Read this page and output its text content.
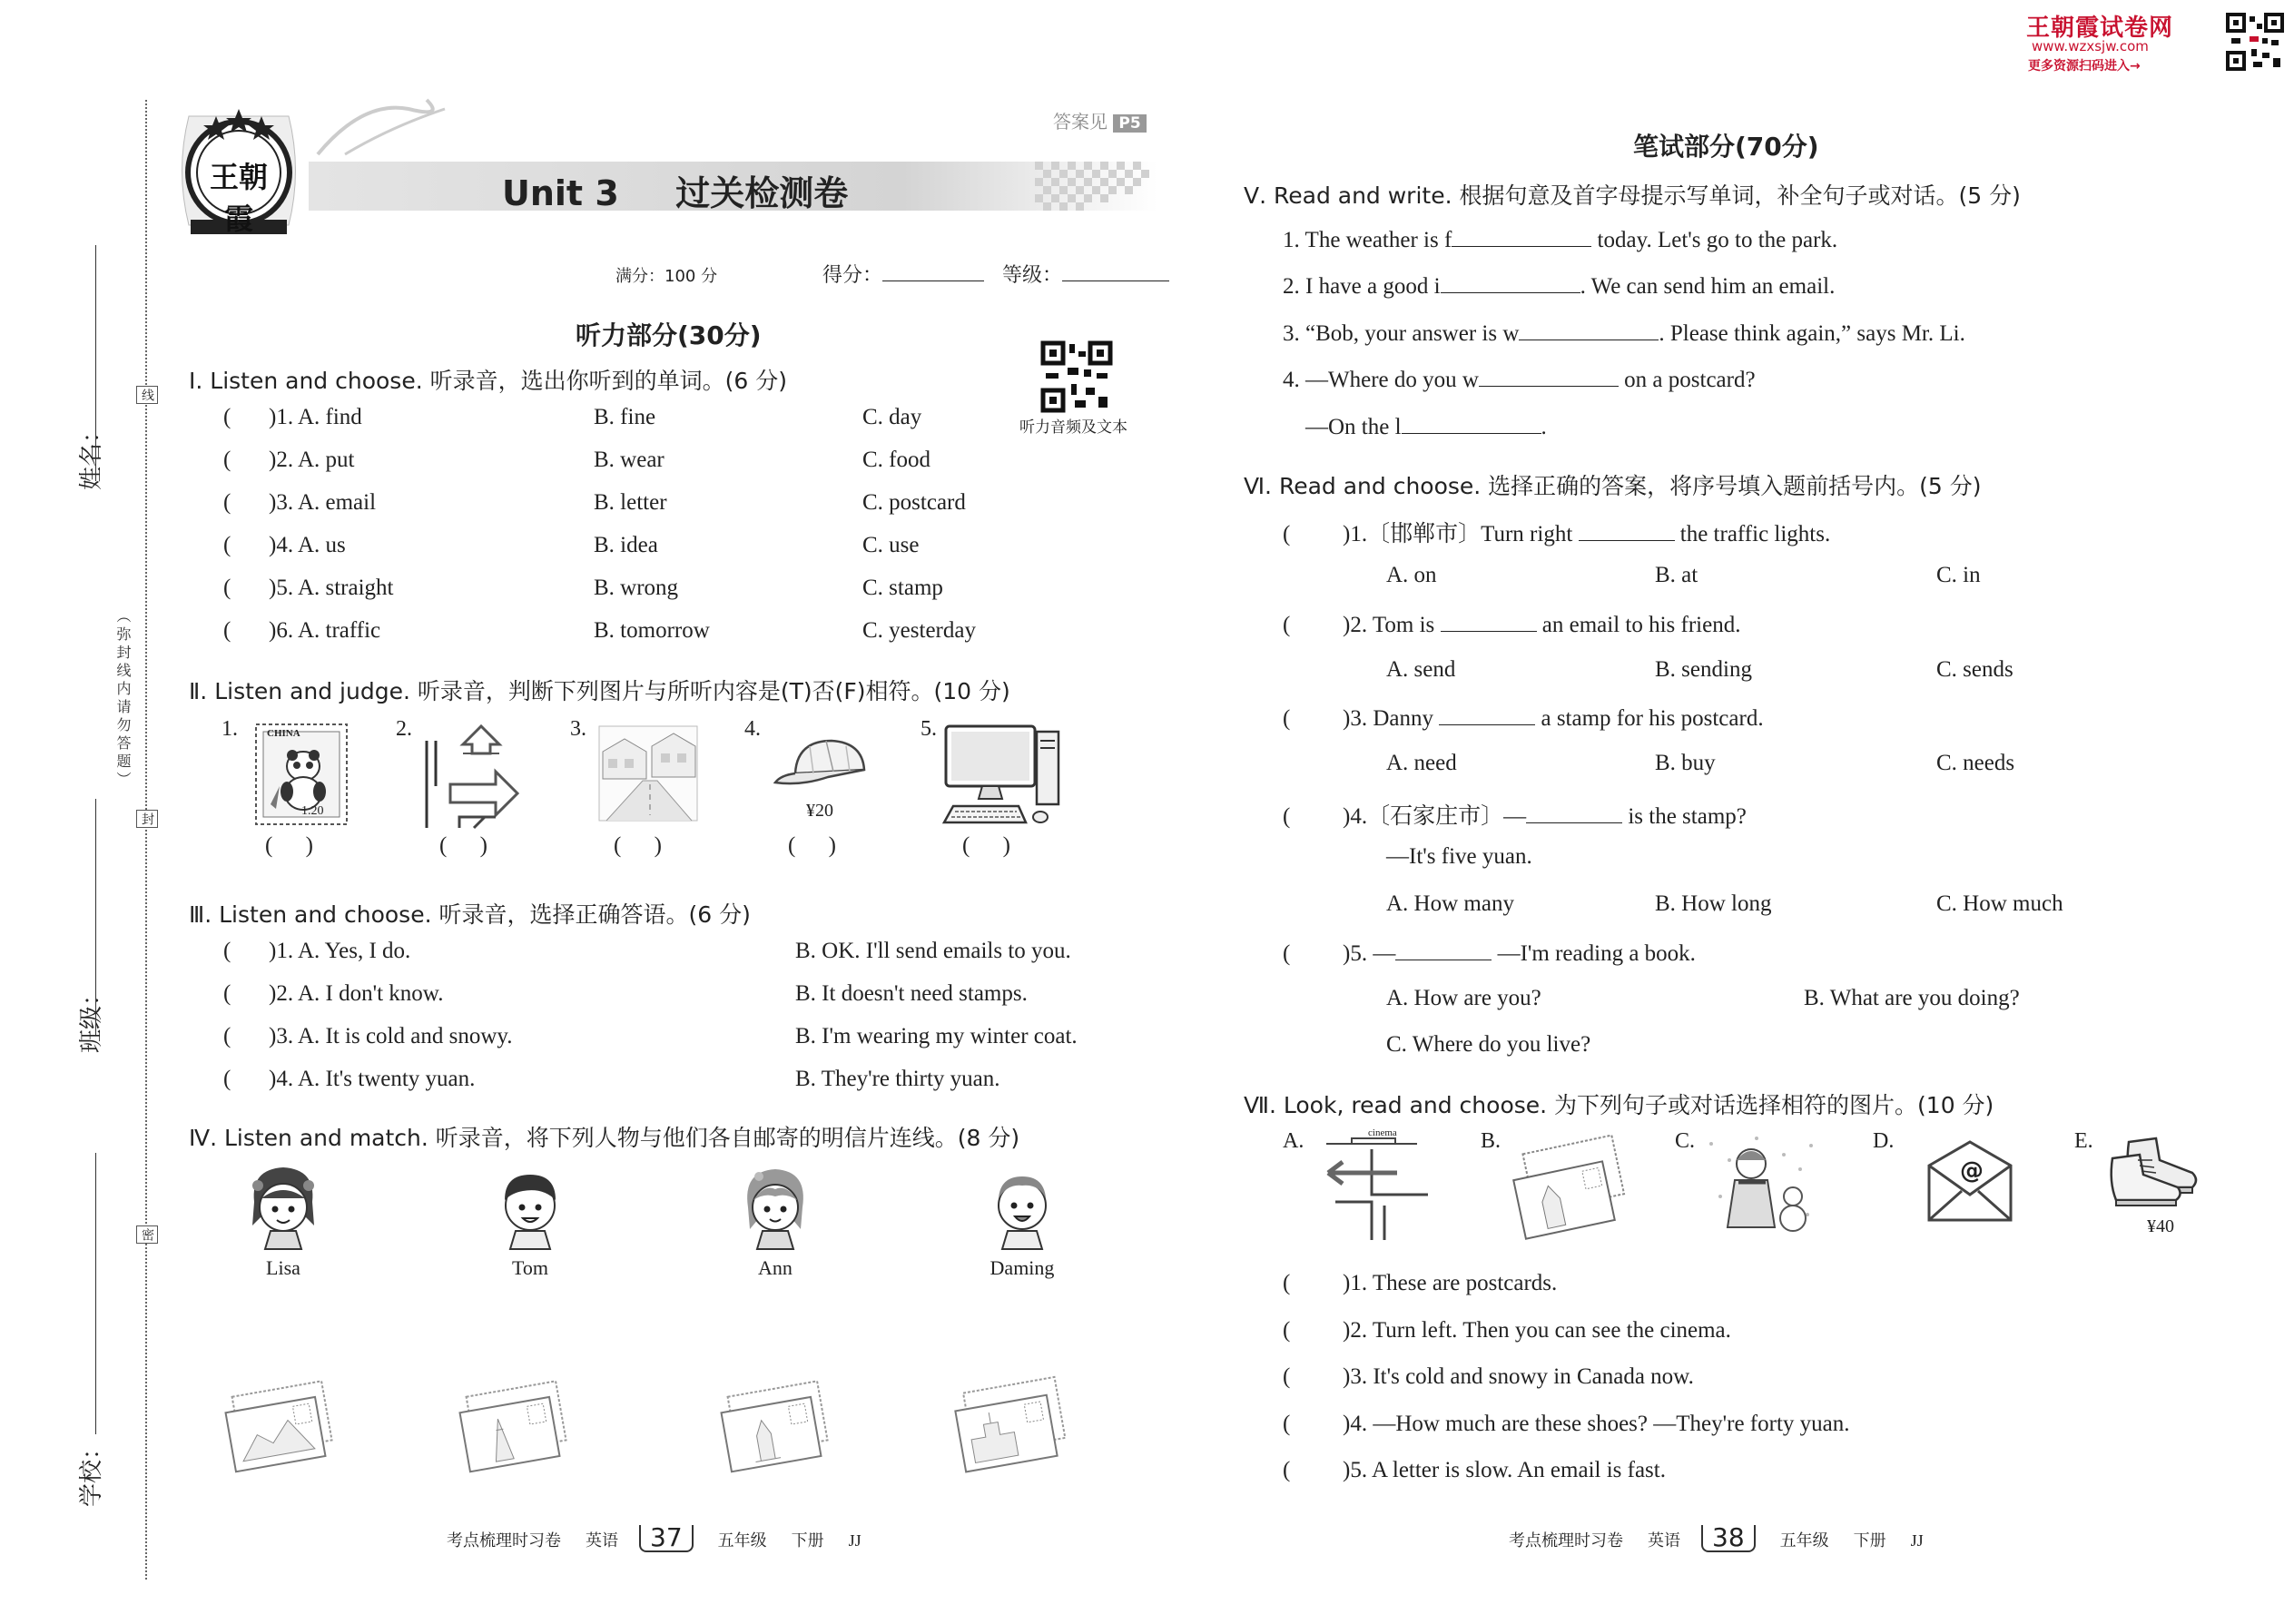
王朝霞试卷网
www.wzxsjw.com
更多资源扫码进入→
姓名：
班级：
学校：
（弥封线内请勿答题）
线
封
密
王朝霞
答案见 P5
Unit 3 过关检测卷
满分：100 分	得分：	等级：
听力部分(30分)
听力音频及文本
Ⅰ. Listen and choose. 听录音，选出你听到的单词。(6 分)
(	)1. A. find	B. fine	C. day
(	)2. A. put	B. wear	C. food
(	)3. A. email	B. letter	C. postcard
(	)4. A. us	B. idea	C. use
(	)5. A. straight	B. wrong	C. stamp
(	)6. A. traffic	B. tomorrow	C. yesterday
Ⅱ. Listen and judge. 听录音，判断下列图片与所听内容是(T)否(F)相符。(10 分)
1.	CHINA
1.20
2.	3.	4.
¥20
5.
( )	( )	( )	( )	( )
Ⅲ. Listen and choose. 听录音，选择正确答语。(6 分)
(	)1. A. Yes, I do.	B. OK. I'll send emails to you.
(	)2. A. I don't know.	B. It doesn't need stamps.
(	)3. A. It is cold and snowy.	B. I'm wearing my winter coat.
(	)4. A. It's twenty yuan.	B. They're thirty yuan.
Ⅳ. Listen and match. 听录音，将下列人物与他们各自邮寄的明信片连线。(8 分)
Lisa	Tom	Ann	Daming
考点梳理时习卷 英语 37 五年级 下册 JJ
笔试部分(70分)
Ⅴ. Read and write. 根据句意及首字母提示写单词，补全句子或对话。(5 分)
1. The weather is f	today. Let's go to the park.
2. I have a good i	. We can send him an email.
3. “Bob, your answer is w	. Please think again,” says Mr. Li.
4. —Where do you w	on a postcard?
—On the l	.
Ⅵ. Read and choose. 选择正确的答案，将序号填入题前括号内。(5 分)
( )1.〔邯郸市〕Turn right	the traffic lights.
A. on	B. at	C. in
( )2. Tom is	an email to his friend.
A. send	B. sending	C. sends
( )3. Danny	a stamp for his postcard.
A. need	B. buy	C. needs
( )4.〔石家庄市〕—	is the stamp?
—It's five yuan.
A. How many	B. How long	C. How much
( )5. —	—I'm reading a book.
A. How are you?	B. What are you doing?
C. Where do you live?
Ⅶ. Look, read and choose. 为下列句子或对话选择相符的图片。(10 分)
A.	cinema	B.	C.	D.
@
E.
¥40
( )1. These are postcards.
( )2. Turn left. Then you can see the cinema.
( )3. It's cold and snowy in Canada now.
( )4. —How much are these shoes? —They're forty yuan.
( )5. A letter is slow. An email is fast.
考点梳理时习卷 英语 38 五年级 下册 JJ
